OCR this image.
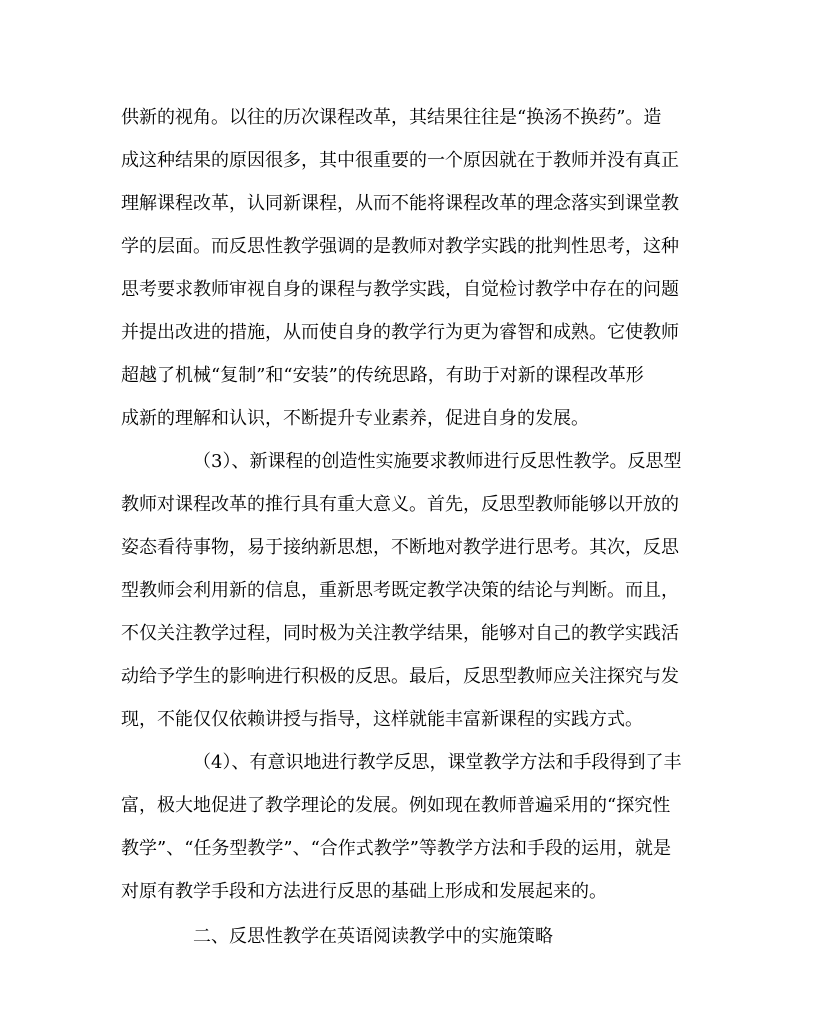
供新的视角。以往的历次课程改革，其结果往往是“换汤不换药”。造
成这种结果的原因很多，其中很重要的一个原因就在于教师并没有真正
理解课程改革，认同新课程，从而不能将课程改革的理念落实到课堂教
学的层面。而反思性教学强调的是教师对教学实践的批判性思考，这种
思考要求教师审视自身的课程与教学实践，自觉检讨教学中存在的问题
并提出改进的措施，从而使自身的教学行为更为睿智和成熟。它使教师
超越了机械“复制”和“安装”的传统思路，有助于对新的课程改革形
成新的理解和认识，不断提升专业素养，促进自身的发展。
（3）、新课程的创造性实施要求教师进行反思性教学。反思型
教师对课程改革的推行具有重大意义。首先，反思型教师能够以开放的
姿态看待事物，易于接纳新思想，不断地对教学进行思考。其次，反思
型教师会利用新的信息，重新思考既定教学决策的结论与判断。而且，
不仅关注教学过程，同时极为关注教学结果，能够对自己的教学实践活
动给予学生的影响进行积极的反思。最后，反思型教师应关注探究与发
现，不能仅仅依赖讲授与指导，这样就能丰富新课程的实践方式。
（4）、有意识地进行教学反思，课堂教学方法和手段得到了丰
富，极大地促进了教学理论的发展。例如现在教师普遍采用的“探究性
教学”、“任务型教学”、“合作式教学”等教学方法和手段的运用，就是
对原有教学手段和方法进行反思的基础上形成和发展起来的。
二、反思性教学在英语阅读教学中的实施策略
